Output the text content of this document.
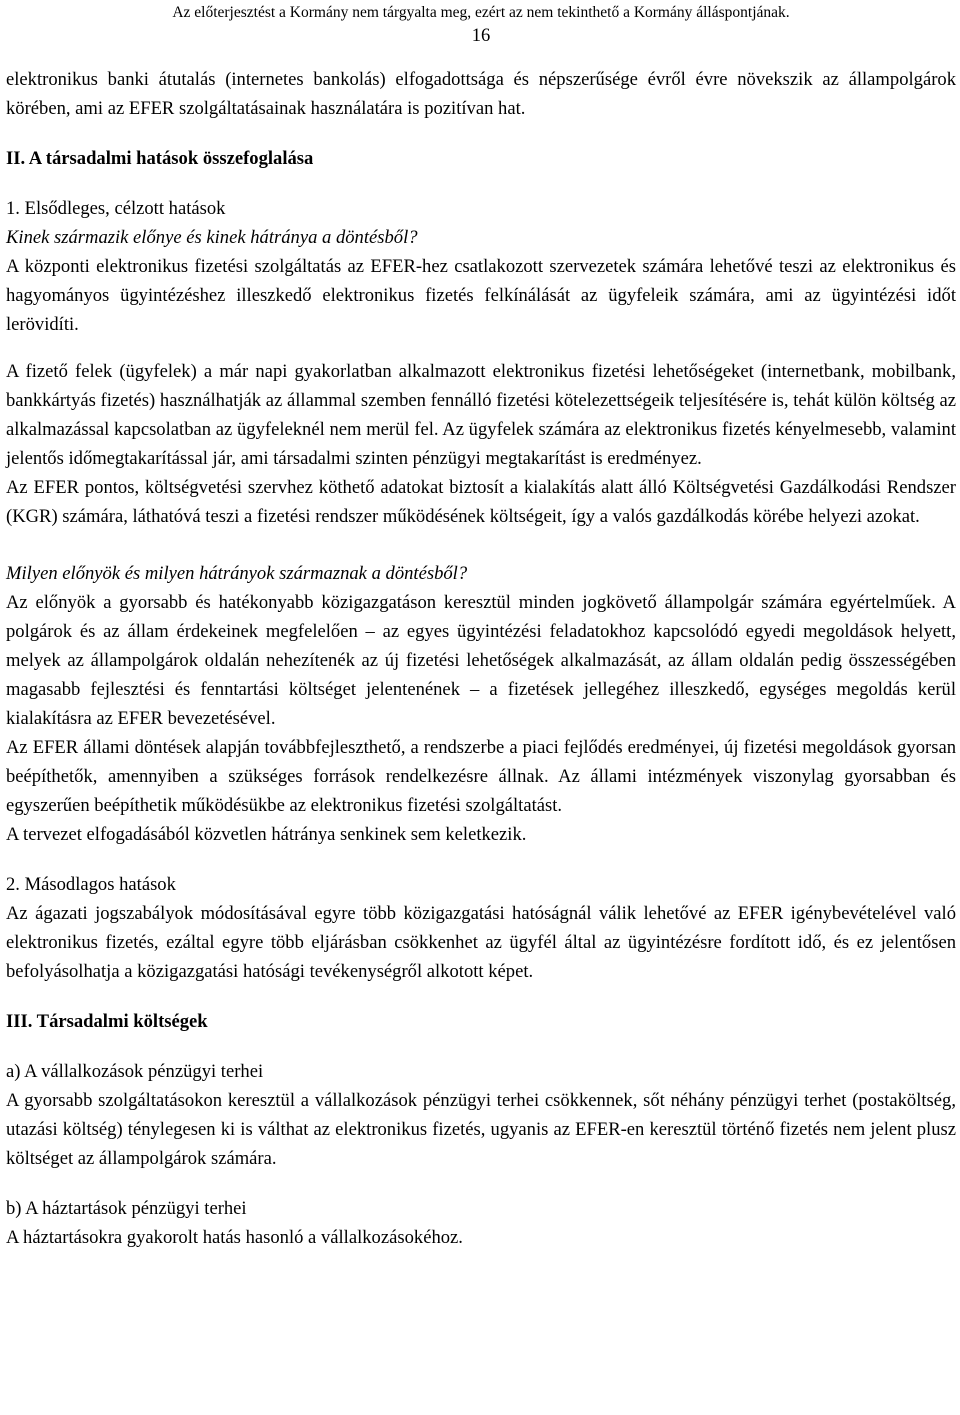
Az előterjesztést a Kormány nem tárgyalta meg, ezért az nem tekinthető a Kormány álláspontjának.
16

elektronikus banki átutalás (internetes bankolás) elfogadottsága és népszerűsége évről évre növekszik az állampolgárok körében, ami az EFER szolgáltatásainak használatára is pozitívan hat.

II. A társadalmi hatások összefoglalása

1. Elsődleges, célzott hatások

Kinek származik előnye és kinek hátránya a döntésből?

A központi elektronikus fizetési szolgáltatás az EFER-hez csatlakozott szervezetek számára lehetővé teszi az elektronikus és hagyományos ügyintézéshez illeszkedő elektronikus fizetés felkínálását az ügyfeleik számára, ami az ügyintézési időt lerövidíti.

A fizető felek (ügyfelek) a már napi gyakorlatban alkalmazott elektronikus fizetési lehetőségeket (internetbank, mobilbank, bankkártyás fizetés) használhatják az állammal szemben fennálló fizetési kötelezettségeik teljesítésére is, tehát külön költség az alkalmazással kapcsolatban az ügyfeleknél nem merül fel. Az ügyfelek számára az elektronikus fizetés kényelmesebb, valamint jelentős időmegtakarítással jár, ami társadalmi szinten pénzügyi megtakarítást is eredményez.

Az EFER pontos, költségvetési szervhez köthető adatokat biztosít a kialakítás alatt álló Költségvetési Gazdálkodási Rendszer (KGR) számára, láthatóvá teszi a fizetési rendszer működésének költségeit, így a valós gazdálkodás körébe helyezi azokat.

Milyen előnyök és milyen hátrányok származnak a döntésből?

Az előnyök a gyorsabb és hatékonyabb közigazgatáson keresztül minden jogkövető állampolgár számára egyértelműek. A polgárok és az állam érdekeinek megfelelően – az egyes ügyintézési feladatokhoz kapcsolódó egyedi megoldások helyett, melyek az állampolgárok oldalán nehezítenék az új fizetési lehetőségek alkalmazását, az állam oldalán pedig összességében magasabb fejlesztési és fenntartási költséget jelentenének – a fizetések jellegéhez illeszkedő, egységes megoldás kerül kialakításra az EFER bevezetésével.

Az EFER állami döntések alapján továbbfejleszthető, a rendszerbe a piaci fejlődés eredményei, új fizetési megoldások gyorsan beépíthetők, amennyiben a szükséges források rendelkezésre állnak. Az állami intézmények viszonylag gyorsabban és egyszerűen beépíthetik működésükbe az elektronikus fizetési szolgáltatást.

A tervezet elfogadásából közvetlen hátránya senkinek sem keletkezik.

2. Másodlagos hatások

Az ágazati jogszabályok módosításával egyre több közigazgatási hatóságnál válik lehetővé az EFER igénybevételével való elektronikus fizetés, ezáltal egyre több eljárásban csökkenhet az ügyfél által az ügyintézésre fordított idő, és ez jelentősen befolyásolhatja a közigazgatási hatósági tevékenységről alkotott képet.

III. Társadalmi költségek

a) A vállalkozások pénzügyi terhei

A gyorsabb szolgáltatásokon keresztül a vállalkozások pénzügyi terhei csökkennek, sőt néhány pénzügyi terhet (postaköltség, utazási költség) ténylegesen ki is válthat az elektronikus fizetés, ugyanis az EFER-en keresztül történő fizetés nem jelent plusz költséget az állampolgárok számára.

b) A háztartások pénzügyi terhei

A háztartásokra gyakorolt hatás hasonló a vállalkozásokéhoz.
